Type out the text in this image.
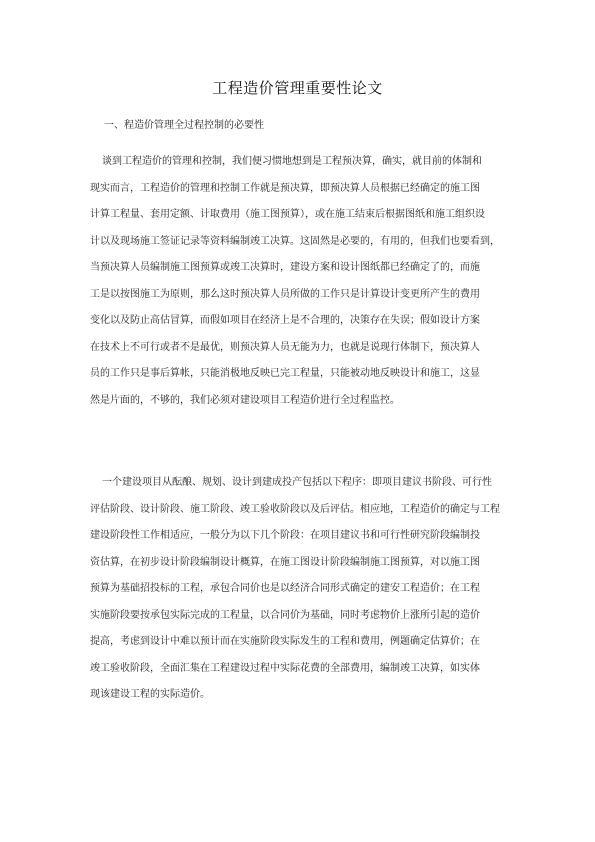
工程造价管理重要性论文
一、程造价管理全过程控制的必要性
谈到工程造价的管理和控制，我们便习惯地想到是工程预决算，确实，就目前的体制和
现实而言，工程造价的管理和控制工作就是预决算，即预决算人员根据已经确定的施工图
计算工程量、套用定额、计取费用（施工图预算），或在施工结束后根据图纸和施工组织设
计以及现场施工签证记录等资料编制竣工决算。这固然是必要的，有用的，但我们也要看到，
当预决算人员编制施工图预算或竣工决算时，建设方案和设计图纸都已经确定了的，而施
工是以按图施工为原则，那么这时预决算人员所做的工作只是计算设计变更所产生的费用
变化以及防止高估冒算，而假如项目在经济上是不合理的，决策存在失误；假如设计方案
在技术上不可行或者不是最优，则预决算人员无能为力，也就是说现行体制下，预决算人
员的工作只是事后算帐，只能消极地反映已完工程量，只能被动地反映设计和施工，这显
然是片面的，不够的，我们必须对建设项目工程造价进行全过程监控。
一个建设项目从酝酿、规划、设计到建成投产包括以下程序：即项目建议书阶段、可行性
评估阶段、设计阶段、施工阶段、竣工验收阶段以及后评估。相应地，工程造价的确定与工程
建设阶段性工作相适应，一般分为以下几个阶段：在项目建议书和可行性研究阶段编制投
资估算，在初步设计阶段编制设计概算，在施工图设计阶段编制施工图预算，对以施工图
预算为基础招投标的工程，承包合同价也是以经济合同形式确定的建安工程造价；在工程
实施阶段要按承包实际完成的工程量，以合同价为基础，同时考虑物价上涨所引起的造价
提高，考虑到设计中难以预计而在实施阶段实际发生的工程和费用，例题确定估算价；在
竣工验收阶段，全面汇集在工程建设过程中实际花费的全部费用，编制竣工决算，如实体
现该建设工程的实际造价。
